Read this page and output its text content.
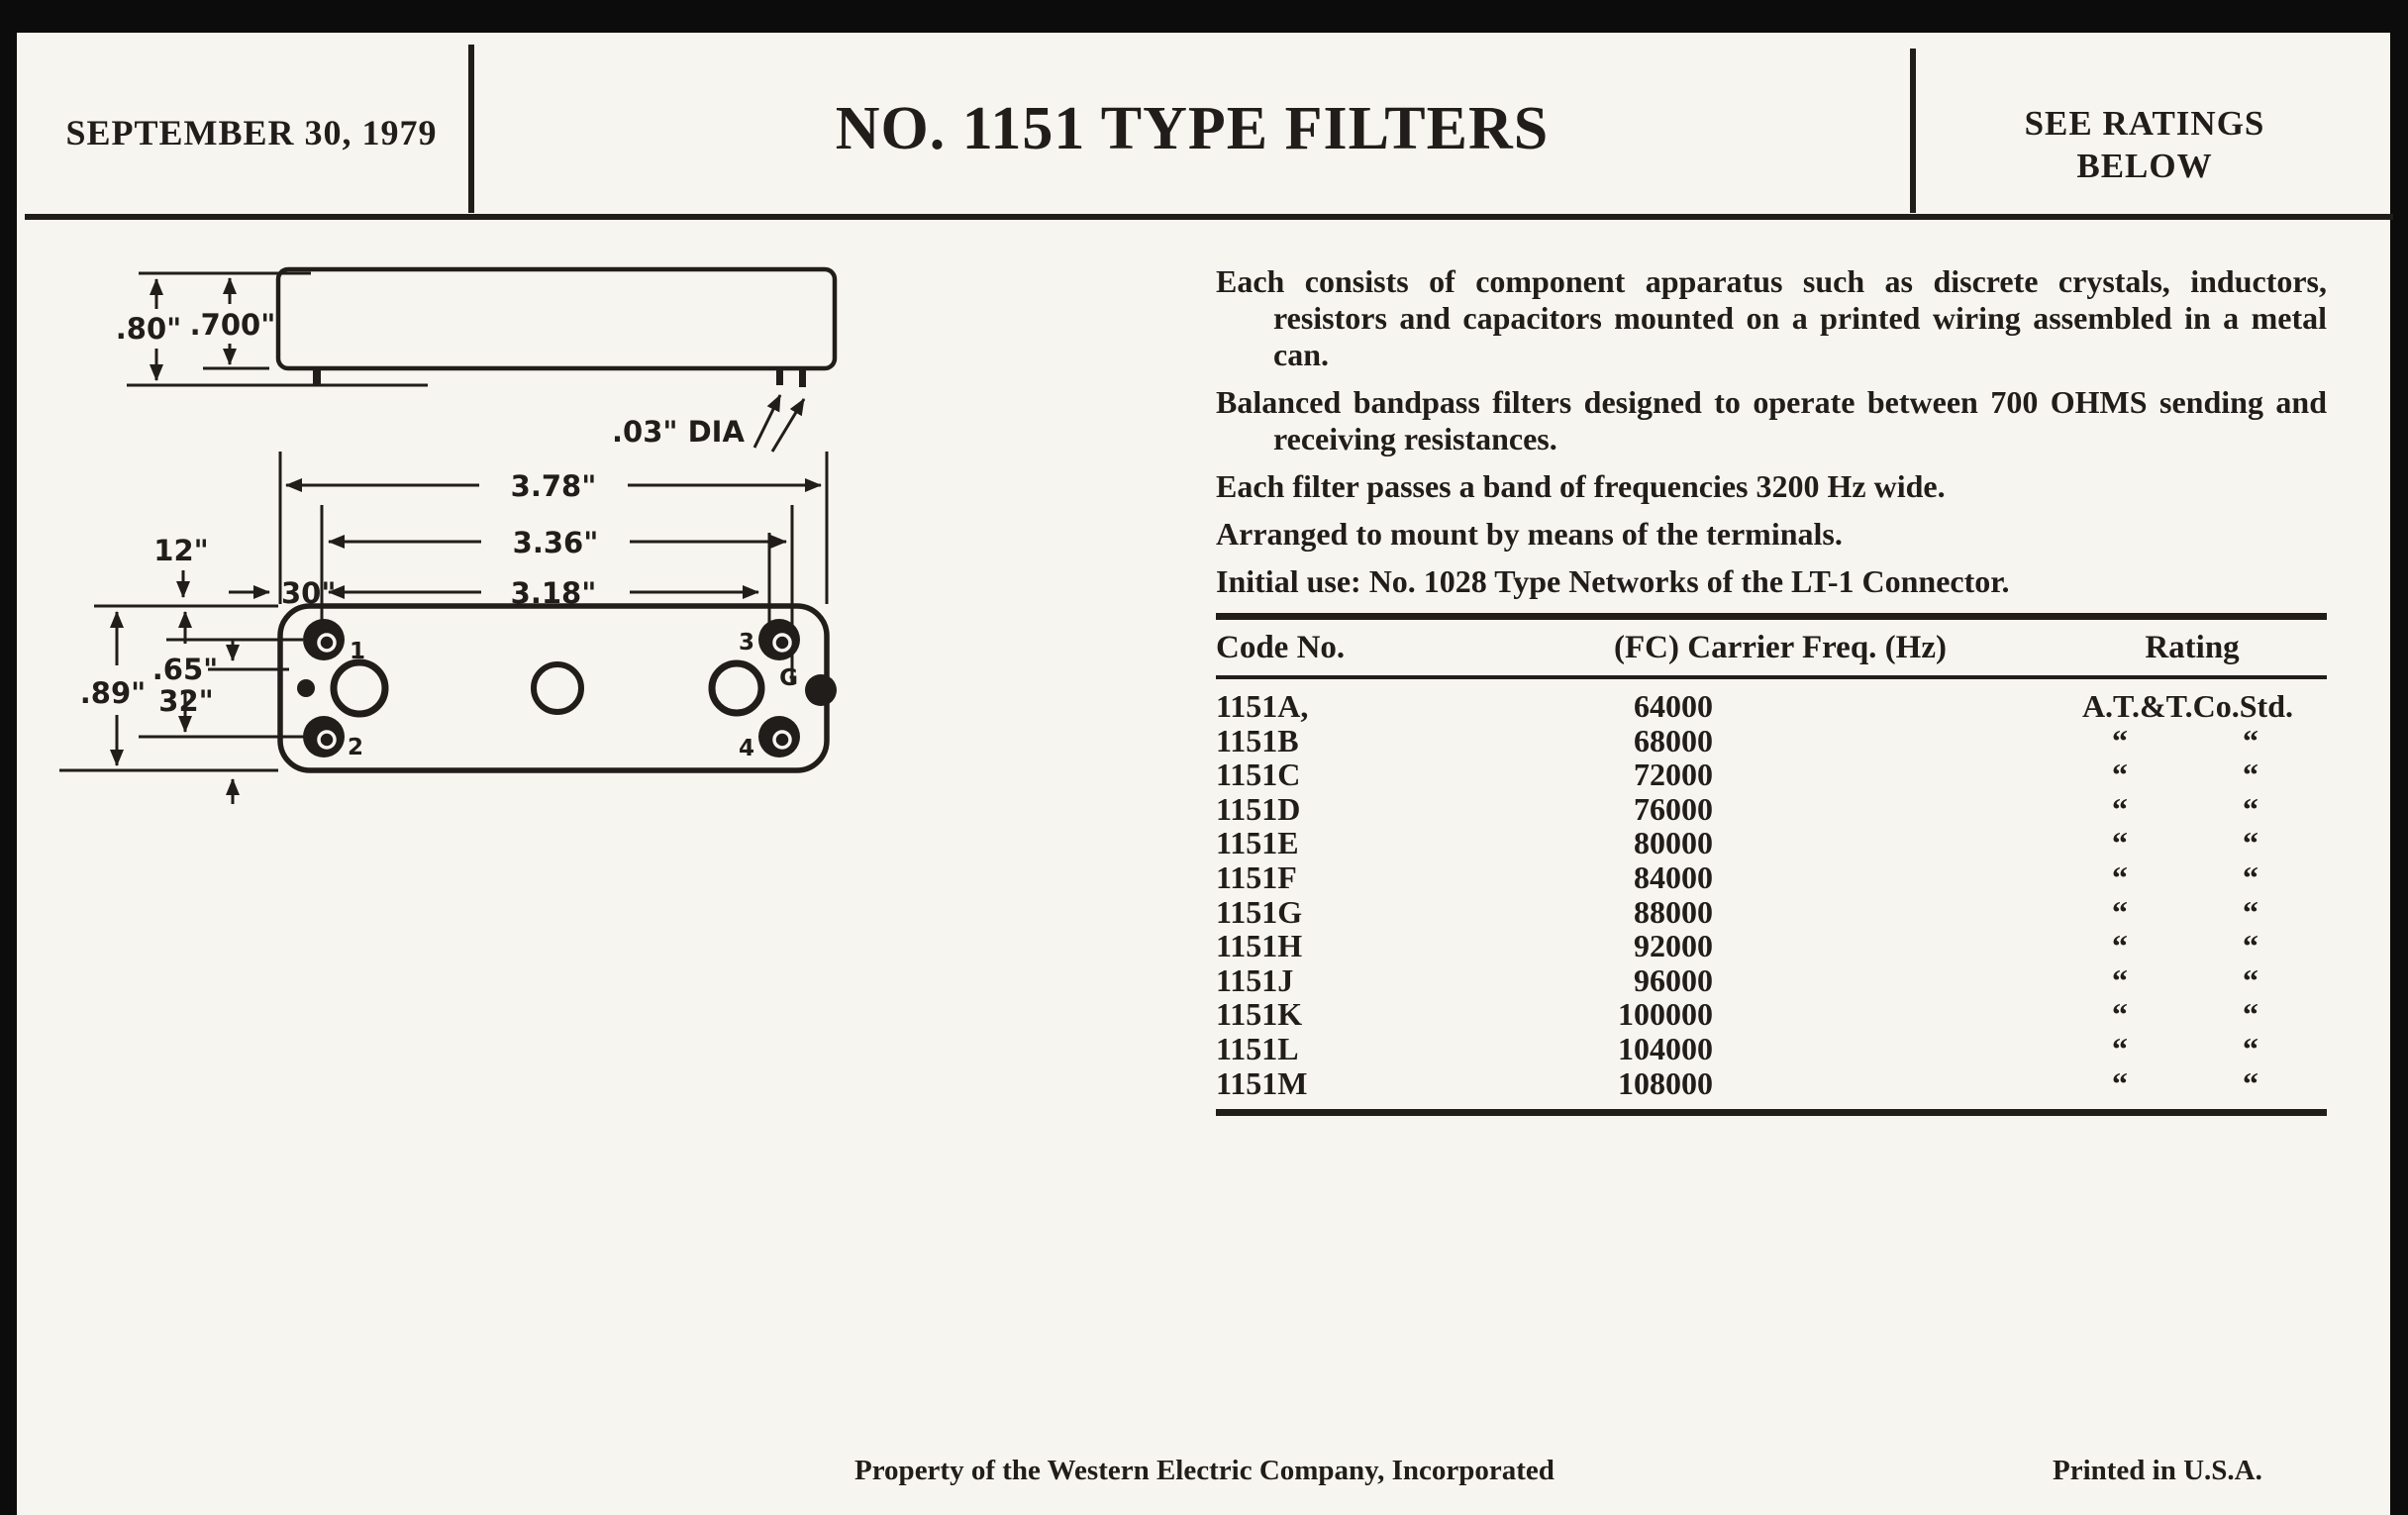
SEPTEMBER 30, 1979	NO. 1151 TYPE FILTERS	SEE RATINGS
BELOW
.80" .700"
.03" DIA
3.78"
3.36"
3.18"
12"
30"
.89"
.65"
32"
1
2
3
4
G

Each consists of component apparatus such as discrete crystals, inductors, resistors and capacitors mounted on a printed wiring assembled in a metal can.

Balanced bandpass filters designed to operate between 700 OHMS sending and receiving resistances.

Each filter passes a band of frequencies 3200 Hz wide.

Arranged to mount by means of the terminals.

Initial use: No. 1028 Type Networks of the LT-1 Connector.

Code No.	(FC) Carrier Freq. (Hz)	Rating
1151A,	64000	A.T.&T.Co.Std.
1151B	68000	“	“
1151C	72000	“	“
1151D	76000	“	“
1151E	80000	“	“
1151F	84000	“	“
1151G	88000	“	“
1151H	92000	“	“
1151J	96000	“	“
1151K	100000	“	“
1151L	104000	“	“
1151M	108000	“	“
Property of the Western Electric Company, Incorporated	Printed in U.S.A.
